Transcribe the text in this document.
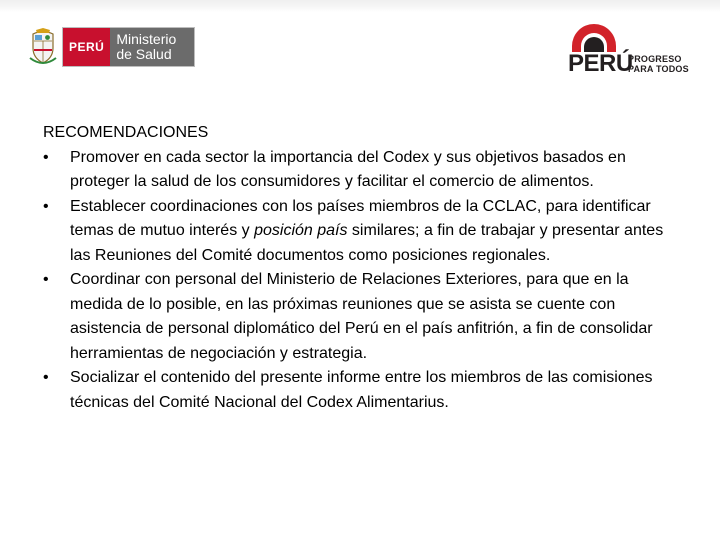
PERÚ Ministerio
de Salud	PERÚ
PROGRESO
PARA TODOS
RECOMENDACIONES
• Promover en cada sector la importancia del Codex y sus objetivos basados en proteger la salud de los consumidores y facilitar el comercio de alimentos.
• Establecer coordinaciones con los países miembros de la CCLAC, para identificar temas de mutuo interés y posición país similares; a fin de trabajar y presentar antes las Reuniones del Comité documentos como posiciones regionales.
• Coordinar con personal del Ministerio de Relaciones Exteriores, para que en la medida de lo posible, en las próximas reuniones que se asista se cuente con asistencia de personal diplomático del Perú en el país anfitrión, a fin de consolidar herramientas de negociación y estrategia.
• Socializar el contenido del presente informe entre los miembros de las comisiones técnicas del Comité Nacional del Codex Alimentarius.
